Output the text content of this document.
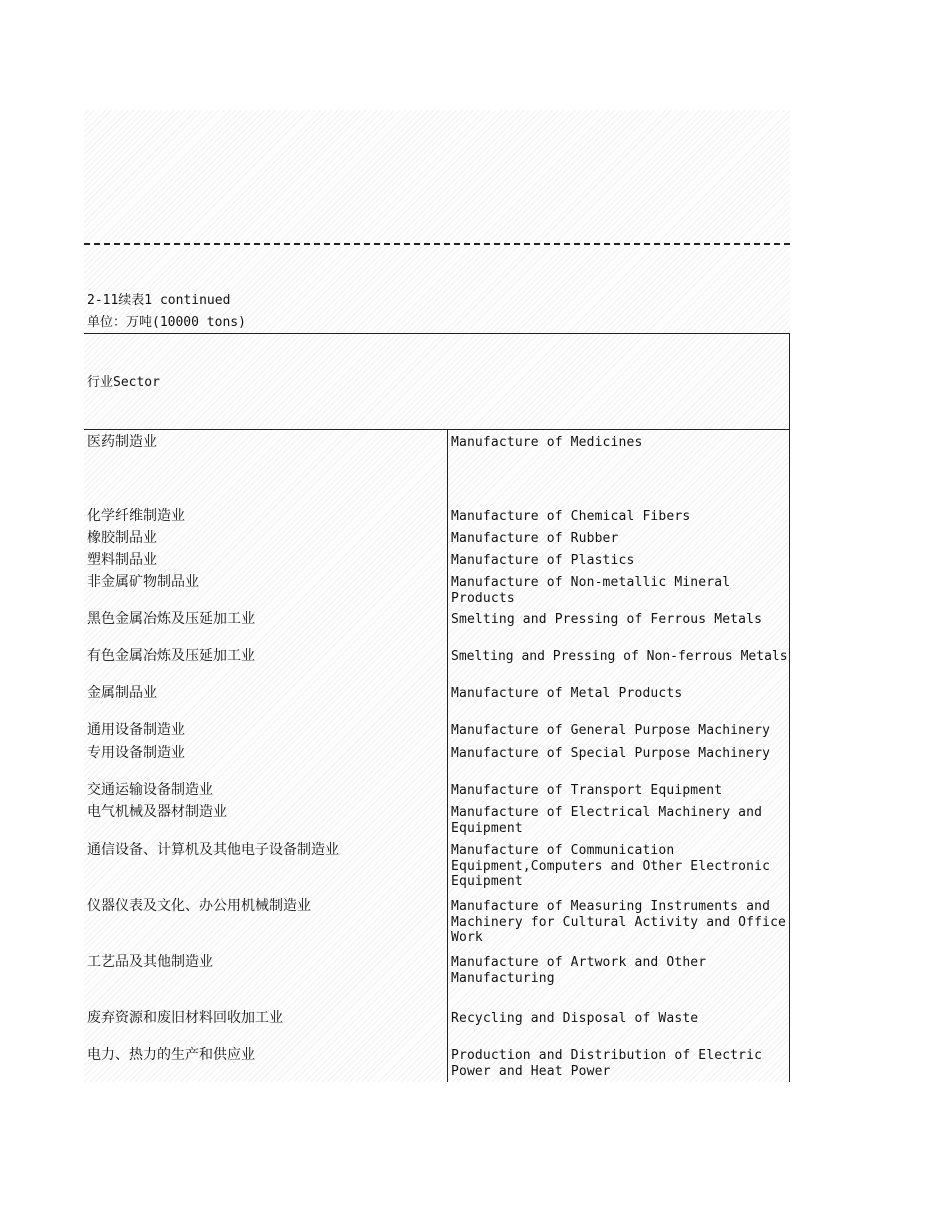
2-11续表1 continued
单位：万吨(10000 tons)
行业Sector
医药制造业	Manufacture of Medicines
化学纤维制造业	Manufacture of Chemical Fibers
橡胶制品业	Manufacture of Rubber
塑料制品业	Manufacture of Plastics
非金属矿物制品业	Manufacture of Non-metallic Mineral Products
黑色金属冶炼及压延加工业	Smelting and Pressing of Ferrous Metals
有色金属冶炼及压延加工业	Smelting and Pressing of Non-ferrous Metals
金属制品业	Manufacture of Metal Products
通用设备制造业	Manufacture of General Purpose Machinery
专用设备制造业	Manufacture of Special Purpose Machinery
交通运输设备制造业	Manufacture of Transport Equipment
电气机械及器材制造业	Manufacture of Electrical Machinery and Equipment
通信设备、计算机及其他电子设备制造业	Manufacture of Communication Equipment,Computers and Other Electronic Equipment
仪器仪表及文化、办公用机械制造业	Manufacture of Measuring Instruments and Machinery for Cultural Activity and Office Work
工艺品及其他制造业	Manufacture of Artwork and Other Manufacturing
废弃资源和废旧材料回收加工业	Recycling and Disposal of Waste
电力、热力的生产和供应业	Production and Distribution of Electric Power and Heat Power
